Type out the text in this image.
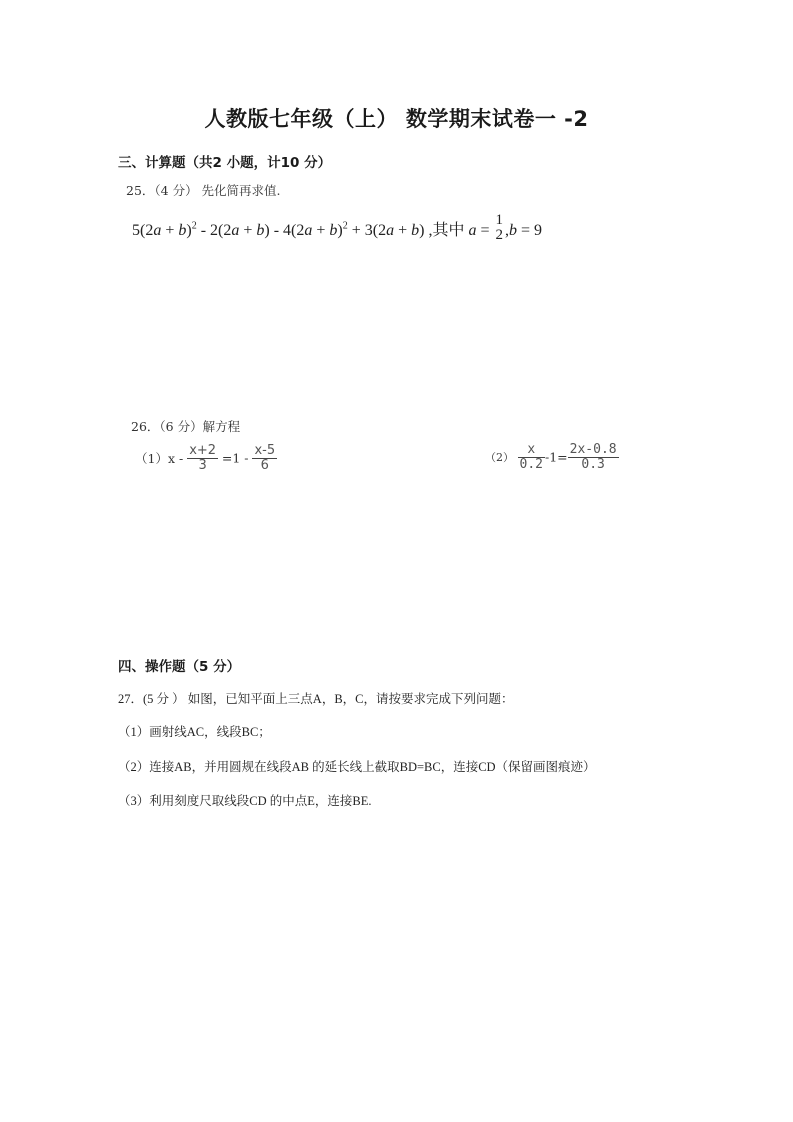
人教版七年级（上） 数学期末试卷一 -2
三、计算题（共2 小题，计10 分）
25．（4 分） 先化简再求值.
$5(2a + b)^2 - 2(2a + b) - 4(2a + b)^2 + 3(2a + b)$ ,其中 a =
1
2 ,b = 9
26．（6 分）解方程
$(1)x - \frac{x+2}{3} =1 - \frac{x-5}{6}$	$(2) \frac{x}{0.2} -1= \frac{2x-0.8}{0.3}$
四、操作题（5 分）
27．(5 分 ） 如图，已知平面上三点A，B，C，请按要求完成下列问题：
（1）画射线AC，线段BC；
（2）连接AB，并用圆规在线段AB 的延长线上截取BD=BC，连接CD（保留画图痕迹）
（3）利用刻度尺取线段CD 的中点E，连接BE.
